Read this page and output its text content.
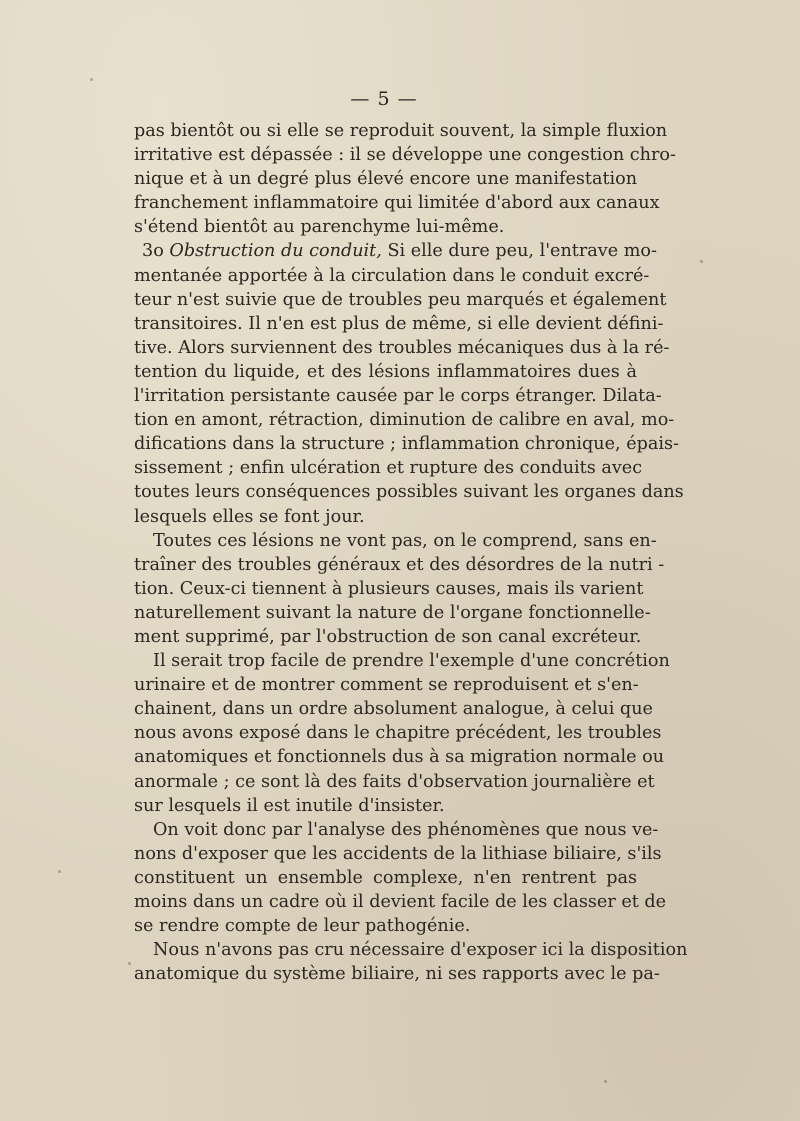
— 5 —
pas bientôt ou si elle se reproduit souvent, la simple fluxion
irritative est dépassée : il se développe une congestion chro-
nique et à un degré plus élevé encore une manifestation
franchement inflammatoire qui limitée d'abord aux canaux
s'étend bientôt au parenchyme lui-même.
3o Obstruction du conduit, Si elle dure peu, l'entrave mo-
mentanée apportée à la circulation dans le conduit excré-
teur n'est suivie que de troubles peu marqués et également
transitoires. Il n'en est plus de même, si elle devient défini-
tive. Alors surviennent des troubles mécaniques dus à la ré-
tention du liquide, et des lésions inflammatoires dues à
l'irritation persistante causée par le corps étranger. Dilata-
tion en amont, rétraction, diminution de calibre en aval, mo-
difications dans la structure ; inflammation chronique, épais-
sissement ; enfin ulcération et rupture des conduits avec
toutes leurs conséquences possibles suivant les organes dans
lesquels elles se font jour.
Toutes ces lésions ne vont pas, on le comprend, sans en-
traîner des troubles généraux et des désordres de la nutri -
tion. Ceux-ci tiennent à plusieurs causes, mais ils varient
naturellement suivant la nature de l'organe fonctionnelle-
ment supprimé, par l'obstruction de son canal excréteur.
Il serait trop facile de prendre l'exemple d'une concrétion
urinaire et de montrer comment se reproduisent et s'en-
chainent, dans un ordre absolument analogue, à celui que
nous avons exposé dans le chapitre précédent, les troubles
anatomiques et fonctionnels dus à sa migration normale ou
anormale ; ce sont là des faits d'observation journalière et
sur lesquels il est inutile d'insister.
On voit donc par l'analyse des phénomènes que nous ve-
nons d'exposer que les accidents de la lithiase biliaire, s'ils
constituent un ensemble complexe, n'en rentrent pas
moins dans un cadre où il devient facile de les classer et de
se rendre compte de leur pathogénie.
Nous n'avons pas cru nécessaire d'exposer ici la disposition
anatomique du système biliaire, ni ses rapports avec le pa-
